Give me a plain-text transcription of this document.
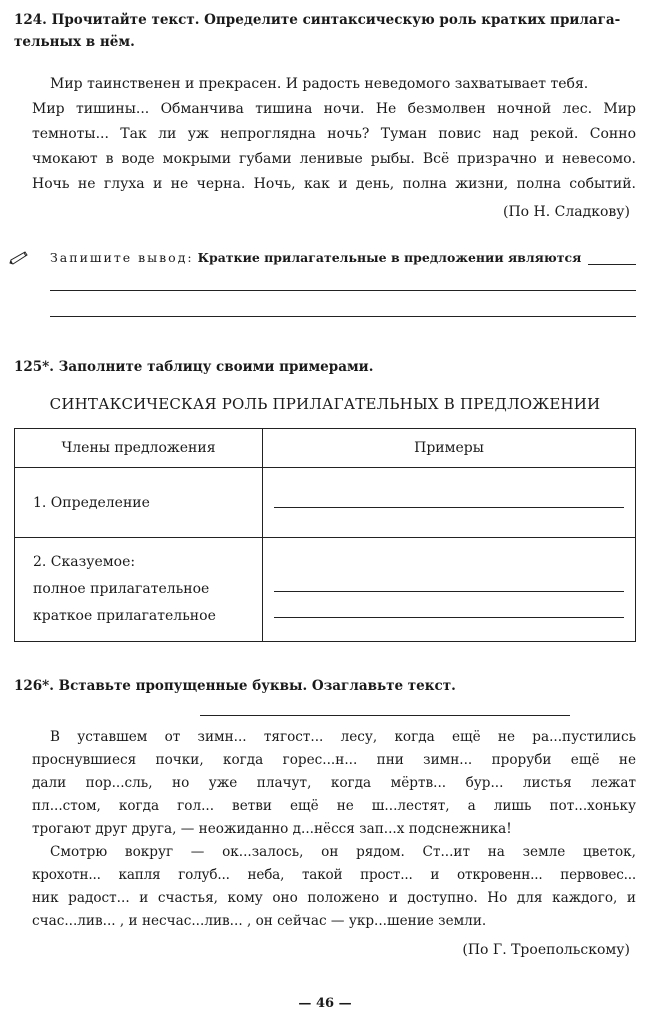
124. Прочитайте текст. Определите синтаксическую роль кратких прилага-
тельных в нём.

Мир таинственен и прекрасен. И радость неведомого захватывает тебя.

Мир тишины... Обманчива тишина ночи. Не безмолвен ночной лес. Мир

темноты... Так ли уж непроглядна ночь? Туман повис над рекой. Сонно

чмокают в воде мокрыми губами ленивые рыбы. Всё призрачно и невесомо.

Ночь не глуха и не черна. Ночь, как и день, полна жизни, полна событий.

(По Н. Сладкову)
Запишите вывод: Краткие прилагательные в предложении являются
125*. Заполните таблицу своими примерами.
СИНТАКСИЧЕСКАЯ РОЛЬ ПРИЛАГАТЕЛЬНЫХ В ПРЕДЛОЖЕНИИ
Члены предложения	Примеры
1. Определение	

2. Сказуемое:
полное прилагательное
краткое прилагательное	

126*. Вставьте пропущенные буквы. Озаглавьте текст.

В уставшем от зимн... тягост... лесу, когда ещё не ра...пустились

проснувшиеся почки, когда горес...н... пни зимн... проруби ещё не

дали пор...сль, но уже плачут, когда мёртв... бур... листья лежат

пл...стом, когда гол... ветви ещё не ш...лестят, а лишь пот...хоньку

трогают друг друга, — неожиданно д...нёсся зап...х подснежника!

Смотрю вокруг — ок...залось, он рядом. Ст...ит на земле цветок,

крохотн... капля голуб... неба, такой прост... и откровенн... первовес...

ник радост... и счастья, кому оно положено и доступно. Но для каждого, и

счас...лив... , и несчас...лив... , он сейчас — укр...шение земли.

(По Г. Троепольскому)
— 46 —
